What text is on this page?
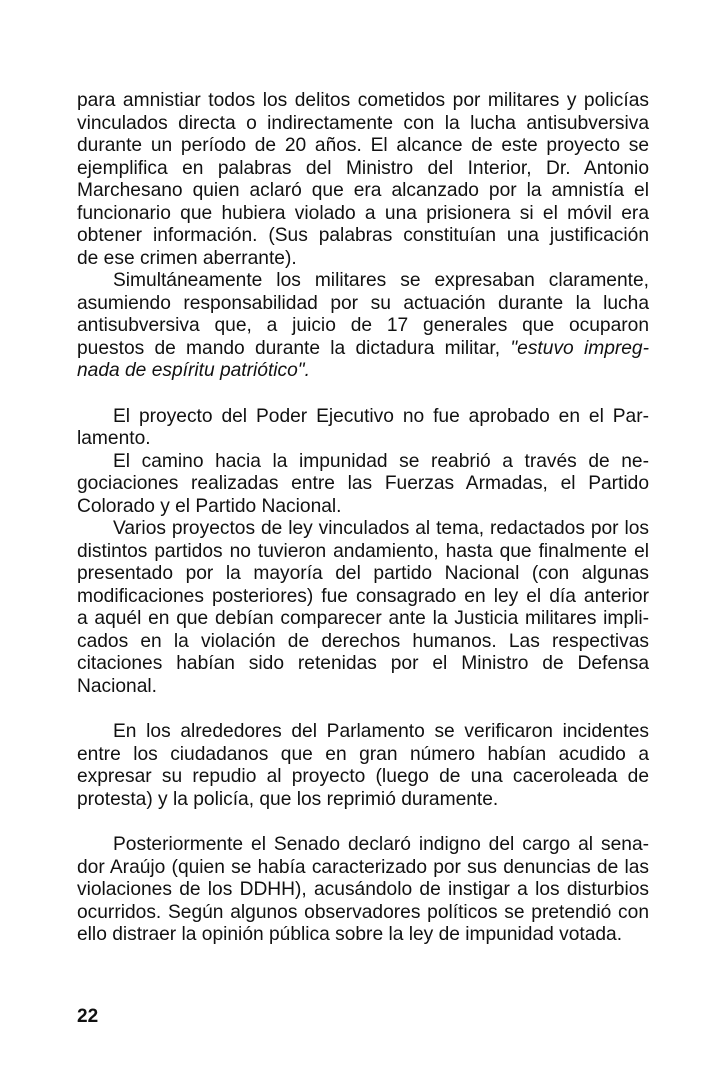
para amnistiar todos los delitos cometidos por militares y policías
vinculados directa o indirectamente con la lucha antisubversiva
durante un período de 20 años. El alcance de este proyecto se
ejemplifica en palabras del Ministro del Interior, Dr. Antonio
Marchesano quien aclaró que era alcanzado por la amnistía el
funcionario que hubiera violado a una prisionera si el móvil era
obtener información. (Sus palabras constituían una justificación
de ese crimen aberrante).
Simultáneamente los militares se expresaban claramente,
asumiendo responsabilidad por su actuación durante la lucha
antisubversiva que, a juicio de 17 generales que ocuparon
puestos de mando durante la dictadura militar, "estuvo impreg-
nada de espíritu patriótico".
El proyecto del Poder Ejecutivo no fue aprobado en el Par-
lamento.
El camino hacia la impunidad se reabrió a través de ne-
gociaciones realizadas entre las Fuerzas Armadas, el Partido
Colorado y el Partido Nacional.
Varios proyectos de ley vinculados al tema, redactados por los
distintos partidos no tuvieron andamiento, hasta que finalmente el
presentado por la mayoría del partido Nacional (con algunas
modificaciones posteriores) fue consagrado en ley el día anterior
a aquél en que debían comparecer ante la Justicia militares impli-
cados en la violación de derechos humanos. Las respectivas
citaciones habían sido retenidas por el Ministro de Defensa
Nacional.
En los alrededores del Parlamento se verificaron incidentes
entre los ciudadanos que en gran número habían acudido a
expresar su repudio al proyecto (luego de una caceroleada de
protesta) y la policía, que los reprimió duramente.
Posteriormente el Senado declaró indigno del cargo al sena-
dor Araújo (quien se había caracterizado por sus denuncias de las
violaciones de los DDHH), acusándolo de instigar a los disturbios
ocurridos. Según algunos observadores políticos se pretendió con
ello distraer la opinión pública sobre la ley de impunidad votada.
22
